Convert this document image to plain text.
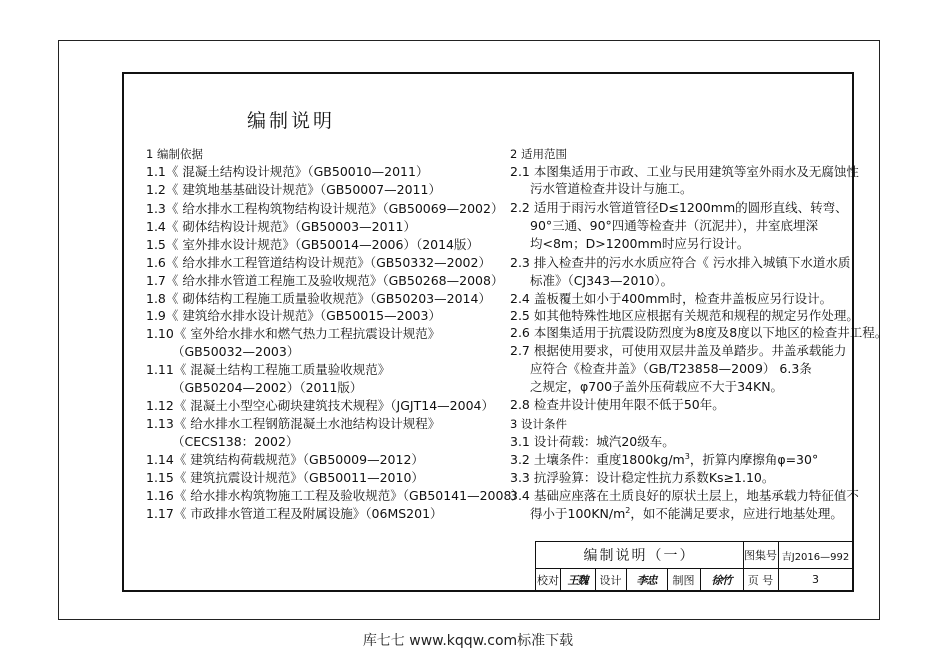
编制说明
1 编制依据
1.1《 混凝土结构设计规范》（GB50010—2011）
1.2《 建筑地基基础设计规范》（GB50007—2011）
1.3《 给水排水工程构筑物结构设计规范》（GB50069—2002）
1.4《 砌体结构设计规范》（GB50003—2011）
1.5《 室外排水设计规范》（GB50014—2006）（2014版）
1.6《 给水排水工程管道结构设计规范》（GB50332—2002）
1.7《 给水排水管道工程施工及验收规范》（GB50268—2008）
1.8《 砌体结构工程施工质量验收规范》（GB50203—2014）
1.9《 建筑给水排水设计规范》（GB50015—2003）
1.10《 室外给水排水和燃气热力工程抗震设计规范》
（GB50032—2003）
1.11《 混凝土结构工程施工质量验收规范》
（GB50204—2002）（2011版）
1.12《 混凝土小型空心砌块建筑技术规程》（JGJT14—2004）
1.13《 给水排水工程钢筋混凝土水池结构设计规程》
（CECS138：2002）
1.14《 建筑结构荷载规范》（GB50009—2012）
1.15《 建筑抗震设计规范》（GB50011—2010）
1.16《 给水排水构筑物施工工程及验收规范》（GB50141—2008）
1.17《 市政排水管道工程及附属设施》（06MS201）
2 适用范围
2.1 本图集适用于市政、工业与民用建筑等室外雨水及无腐蚀性
污水管道检查井设计与施工。
2.2 适用于雨污水管道管径D≤1200mm的圆形直线、转弯、
90°三通、90°四通等检查井（沉泥井），井室底埋深
均<8m；D>1200mm时应另行设计。
2.3 排入检查井的污水水质应符合《 污水排入城镇下水道水质
标准》（CJ343—2010）。
2.4 盖板覆土如小于400mm时，检查井盖板应另行设计。
2.5 如其他特殊性地区应根据有关规范和规程的规定另作处理。
2.6 本图集适用于抗震设防烈度为8度及8度以下地区的检查井工程。
2.7 根据使用要求，可使用双层井盖及单踏步。井盖承载能力
应符合《检查井盖》（GB/T23858—2009） 6.3条
之规定，φ700子盖外压荷载应不大于34KN。
2.8 检查井设计使用年限不低于50年。
3 设计条件
3.1 设计荷载：城汽20级车。
3.2 土壤条件：重度$1800kg/m^3$，折算内摩擦角φ=30°
3.3 抗浮验算：设计稳定性抗力系数Ks≥1.10。
3.4 基础应座落在土质良好的原状土层上，地基承载力特征值不
得小于$100KN/m^2$，如不能满足要求，应进行地基处理。
编制说明（一）	图集号 吉J2016—992
校对 王魏	设计	李忠	制图	徐竹	页 号	3
库七七 www.kqqw.com标准下载
